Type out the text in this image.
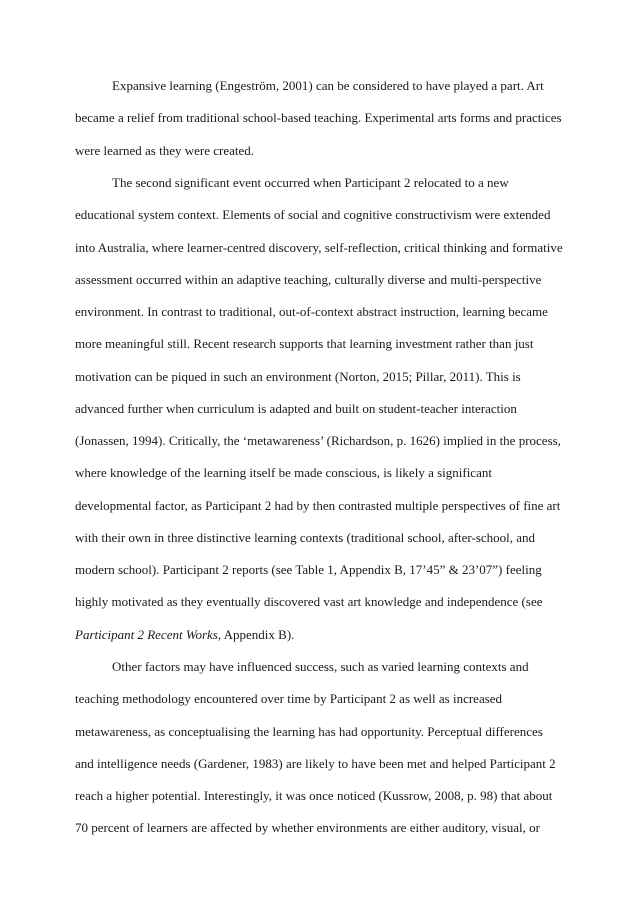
Expansive learning (Engeström, 2001) can be considered to have played a part. Art
became a relief from traditional school-based teaching. Experimental arts forms and practices
were learned as they were created.
The second significant event occurred when Participant 2 relocated to a new
educational system context. Elements of social and cognitive constructivism were extended
into Australia, where learner-centred discovery, self-reflection, critical thinking and formative
assessment occurred within an adaptive teaching, culturally diverse and multi-perspective
environment. In contrast to traditional, out-of-context abstract instruction, learning became
more meaningful still. Recent research supports that learning investment rather than just
motivation can be piqued in such an environment (Norton, 2015; Pillar, 2011). This is
advanced further when curriculum is adapted and built on student-teacher interaction
(Jonassen, 1994). Critically, the ‘metawareness’ (Richardson, p. 1626) implied in the process,
where knowledge of the learning itself be made conscious, is likely a significant
developmental factor, as Participant 2 had by then contrasted multiple perspectives of fine art
with their own in three distinctive learning contexts (traditional school, after-school, and
modern school). Participant 2 reports (see Table 1, Appendix B, 17’45” & 23’07”) feeling
highly motivated as they eventually discovered vast art knowledge and independence (see
Participant 2 Recent Works, Appendix B).
Other factors may have influenced success, such as varied learning contexts and
teaching methodology encountered over time by Participant 2 as well as increased
metawareness, as conceptualising the learning has had opportunity. Perceptual differences
and intelligence needs (Gardener, 1983) are likely to have been met and helped Participant 2
reach a higher potential. Interestingly, it was once noticed (Kussrow, 2008, p. 98) that about
70 percent of learners are affected by whether environments are either auditory, visual, or
